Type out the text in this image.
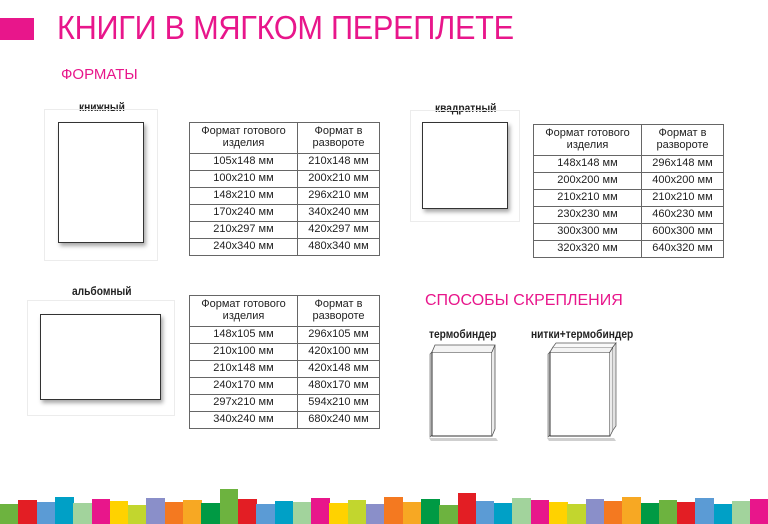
КНИГИ В МЯГКОМ ПЕРЕПЛЕТЕ
ФОРМАТЫ
книжный
Формат готового изделия	Формат в развороте
105х148 мм	210х148 мм
100х210 мм	200х210 мм
148х210 мм	296х210 мм
170х240 мм	340х240 мм
210х297 мм	420х297 мм
240х340 мм	480х340 мм
квадратный
Формат готового изделия	Формат в развороте
148х148 мм	296х148 мм
200х200 мм	400х200 мм
210х210 мм	210х210 мм
230х230 мм	460х230 мм
300х300 мм	600х300 мм
320х320 мм	640х320 мм
альбомный
Формат готового изделия	Формат в развороте
148х105 мм	296х105 мм
210х100 мм	420х100 мм
210х148 мм	420х148 мм
240х170 мм	480х170 мм
297х210 мм	594х210 мм
340х240 мм	680х240 мм
СПОСОБЫ СКРЕПЛЕНИЯ
термобиндер	нитки+термобиндер
